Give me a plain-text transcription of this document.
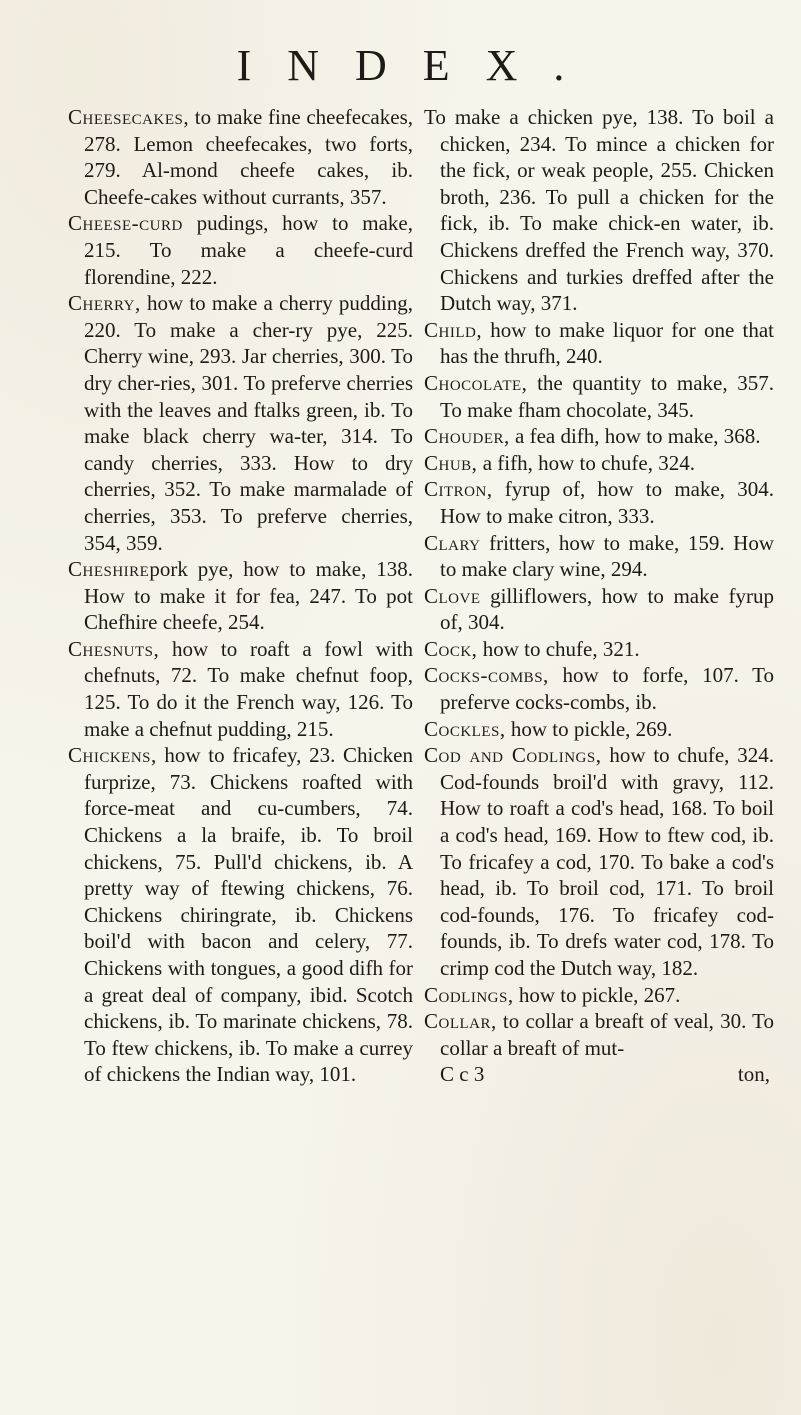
INDEX.

Cheesecakes, to make fine cheefecakes, 278. Lemon cheefecakes, two forts, 279. Al-mond cheefe cakes, ib. Cheefe-cakes without currants, 357.

Cheese-curd pudings, how to make, 215. To make a cheefe-curd florendine, 222.

Cherry, how to make a cherry pudding, 220. To make a cher-ry pye, 225. Cherry wine, 293. Jar cherries, 300. To dry cher-ries, 301. To preferve cherries with the leaves and ftalks green, ib. To make black cherry wa-ter, 314. To candy cherries, 333. How to dry cherries, 352. To make marmalade of cherries, 353. To preferve cherries, 354, 359.

Cheshirepork pye, how to make, 138. How to make it for fea, 247. To pot Chefhire cheefe, 254.

Chesnuts, how to roaft a fowl with chefnuts, 72. To make chefnut foop, 125. To do it the French way, 126. To make a chefnut pudding, 215.

Chickens, how to fricafey, 23. Chicken furprize, 73. Chickens roafted with force-meat and cu-cumbers, 74. Chickens a la braife, ib. To broil chickens, 75. Pull'd chickens, ib. A pretty way of ftewing chickens, 76. Chickens chiringrate, ib. Chickens boil'd with bacon and celery, 77. Chickens with tongues, a good difh for a great deal of company, ibid. Scotch chickens, ib. To marinate chickens, 78. To ftew chickens, ib. To make a currey of chickens the Indian way, 101.

To make a chicken pye, 138. To boil a chicken, 234. To mince a chicken for the fick, or weak people, 255. Chicken broth, 236. To pull a chicken for the fick, ib. To make chick-en water, ib. Chickens dreffed the French way, 370. Chickens and turkies dreffed after the Dutch way, 371.

Child, how to make liquor for one that has the thrufh, 240.

Chocolate, the quantity to make, 357. To make fham chocolate, 345.

Chouder, a fea difh, how to make, 368.

Chub, a fifh, how to chufe, 324.

Citron, fyrup of, how to make, 304. How to make citron, 333.

Clary fritters, how to make, 159. How to make clary wine, 294.

Clove gilliflowers, how to make fyrup of, 304.

Cock, how to chufe, 321.

Cocks-combs, how to forfe, 107. To preferve cocks-combs, ib.

Cockles, how to pickle, 269.

Cod and Codlings, how to chufe, 324. Cod-founds broil'd with gravy, 112. How to roaft a cod's head, 168. To boil a cod's head, 169. How to ftew cod, ib. To fricafey a cod, 170. To bake a cod's head, ib. To broil cod, 171. To broil cod-founds, 176. To fricafey cod-founds, ib. To drefs water cod, 178. To crimp cod the Dutch way, 182.

Codlings, how to pickle, 267.

Collar, to collar a breaft of veal, 30. To collar a breaft of mut-

C c 3	ton,
